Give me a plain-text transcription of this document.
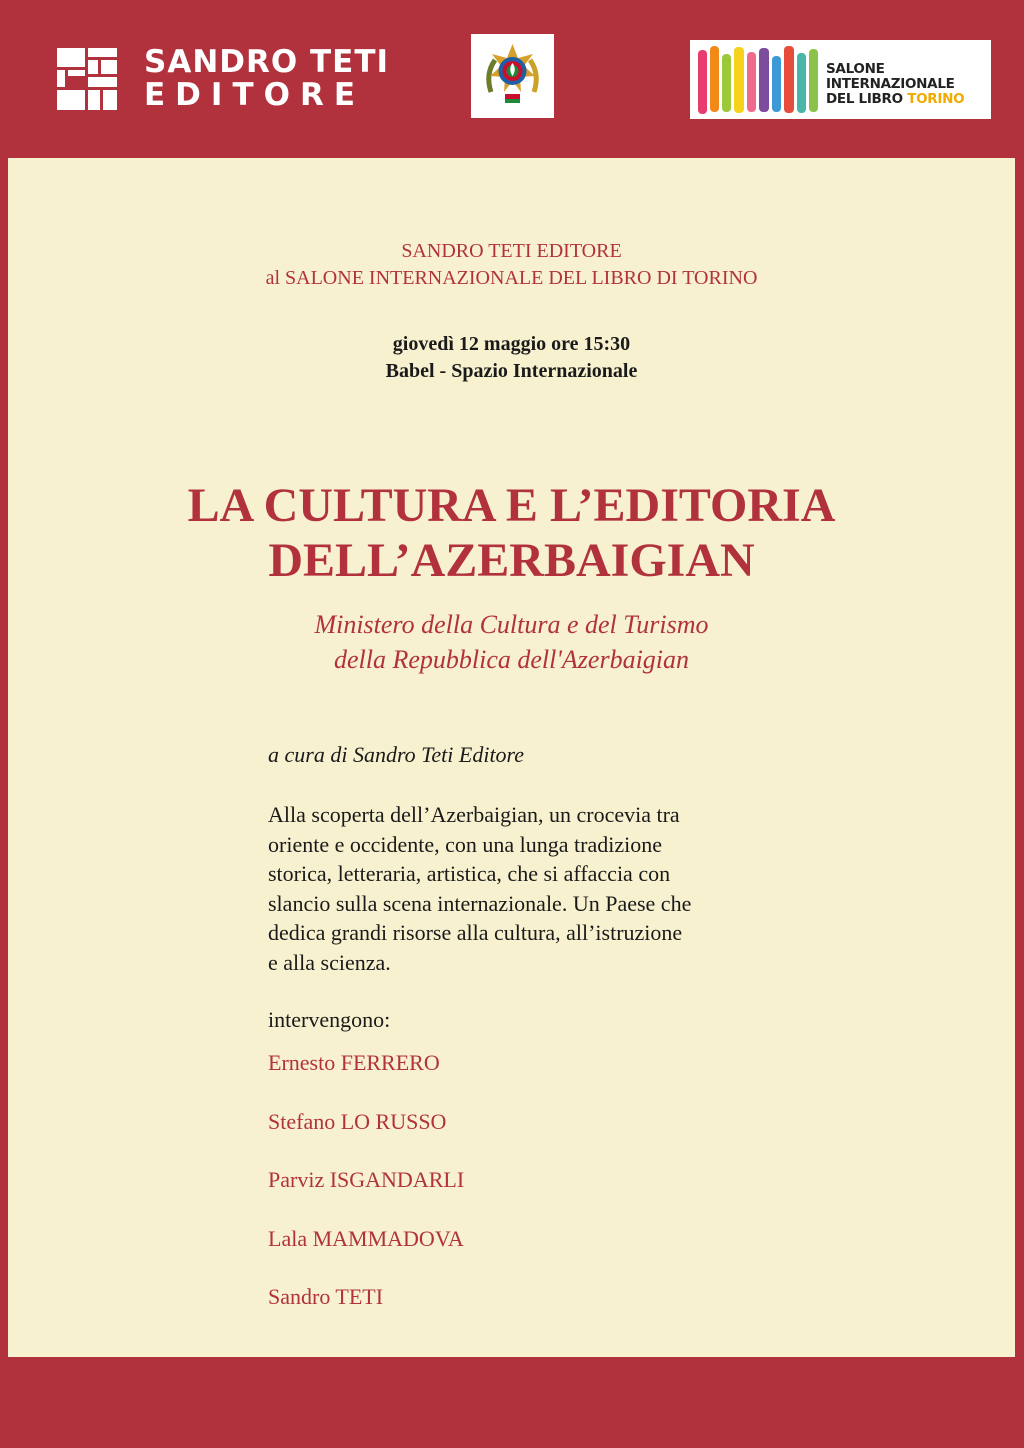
SANDRO TETI
EDITORE
SALONE
INTERNAZIONALE
DEL LIBRO TORINO
SANDRO TETI EDITORE
al SALONE INTERNAZIONALE DEL LIBRO DI TORINO
giovedì 12 maggio ore 15:30
Babel - Spazio Internazionale
LA CULTURA E L’EDITORIA
DELL’AZERBAIGIAN
Ministero della Cultura e del Turismo
della Repubblica dell'Azerbaigian
a cura di Sandro Teti Editore
Alla scoperta dell’Azerbaigian, un crocevia tra
oriente e occidente, con una lunga tradizione
storica, letteraria, artistica, che si affaccia con
slancio sulla scena internazionale. Un Paese che
dedica grandi risorse alla cultura, all’istruzione
e alla scienza.
intervengono:
Ernesto FERRERO
Stefano LO RUSSO
Parviz ISGANDARLI
Lala MAMMADOVA
Sandro TETI
